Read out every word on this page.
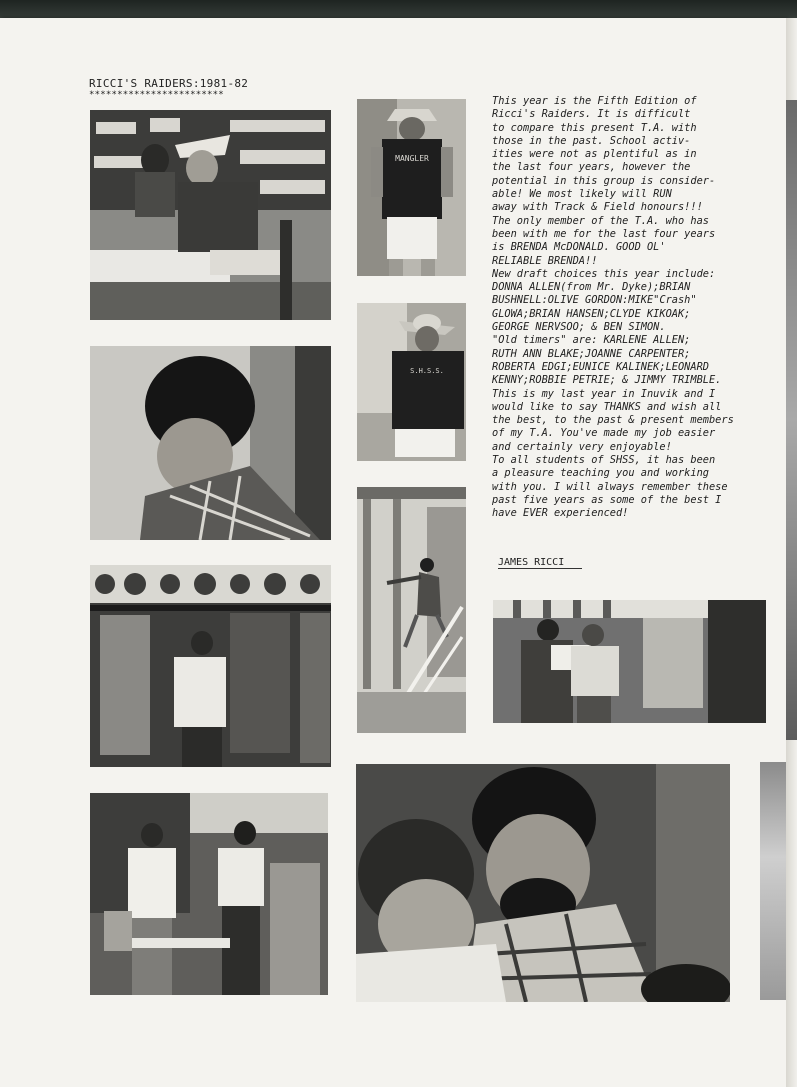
RICCI'S RAIDERS:1981-82
************************
MANGLER
S.H.S.S.
This year is the Fifth Edition of
Ricci's Raiders. It is difficult
to compare this present T.A. with
those in the past. School activ-
ities were not as plentiful as in
the last four years, however the
potential in this group is consider-
able! We most likely will RUN
away with Track & Field honours!!!
The only member of the T.A. who has
been with me for the last four years
is BRENDA McDONALD. GOOD OL'
RELIABLE BRENDA!!
New draft choices this year include:
DONNA ALLEN(from Mr. Dyke);BRIAN
BUSHNELL:OLIVE GORDON:MIKE"Crash"
GLOWA;BRIAN HANSEN;CLYDE KIKOAK;
GEORGE NERVSOO; & BEN SIMON.
"Old timers" are: KARLENE ALLEN;
RUTH ANN BLAKE;JOANNE CARPENTER;
ROBERTA EDGI;EUNICE KALINEK;LEONARD
KENNY;ROBBIE PETRIE; & JIMMY TRIMBLE.
This is my last year in Inuvik and I
would like to say THANKS and wish all
the best, to the past & present members
of my T.A. You've made my job easier
and certainly very enjoyable!
To all students of SHSS, it has been
a pleasure teaching you and working
with you. I will always remember these
past five years as some of the best I
have EVER experienced!
JAMES RICCI
